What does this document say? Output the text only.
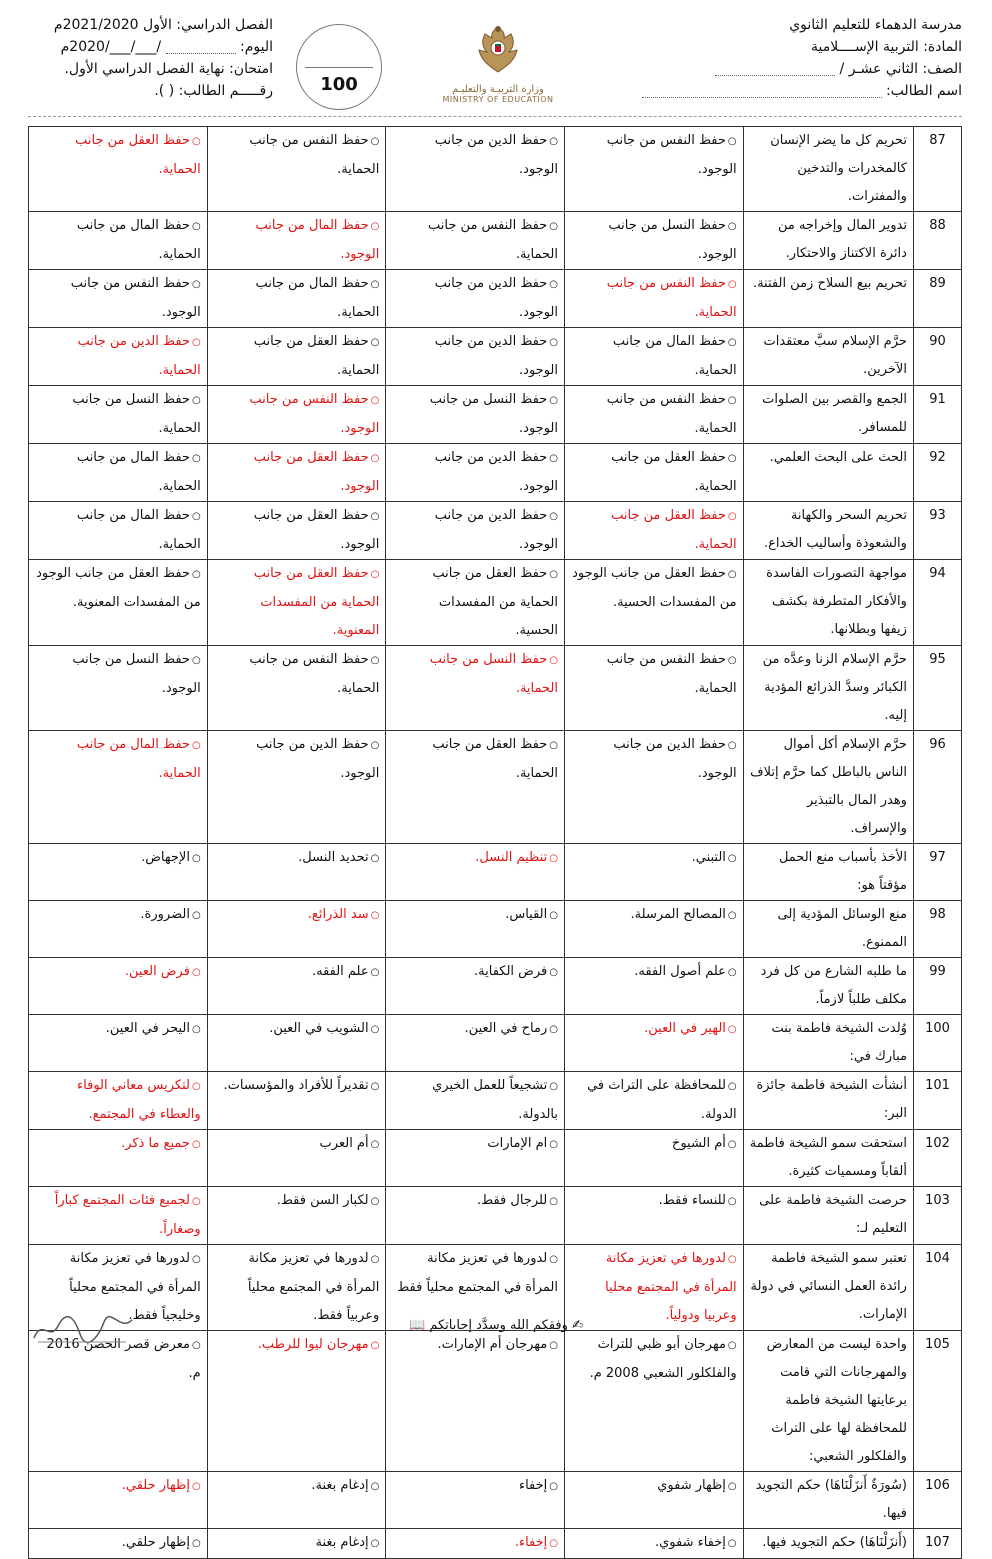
مدرسة الدهماء للتعليم الثانوي
المادة: التربية الإســــلامية
الصف: الثاني عشـر /
اسم الطالب:
وزارة التربيـة والتعليـم
MINISTRY OF EDUCATION
100
الفصل الدراسي: الأول 2021/2020م
اليوم:  /___/___/2020م
امتحان: نهاية الفصل الدراسي الأول.
رقـــــم الطالب: ( ).
87	تحريم كل ما يضر الإنسان كالمخدرات والتدخين والمفترات.	○حفظ النفس من جانب الوجود.	○حفظ الدين من جانب الوجود.	○حفظ النفس من جانب الحماية.	○حفظ العقل من جانب الحماية.
88	تدوير المال وإخراجه من دائرة الاكتناز والاحتكار.	○حفظ النسل من جانب الوجود.	○حفظ النفس من جانب الحماية.	○حفظ المال من جانب الوجود.	○حفظ المال من جانب الحماية.
89	تحريم بيع السلاح زمن الفتنة.	○حفظ النفس من جانب الحماية.	○حفظ الدين من جانب الوجود.	○حفظ المال من جانب الحماية.	○حفظ النفس من جانب الوجود.
90	حرَّم الإسلام سبَّ معتقدات الآخرين.	○حفظ المال من جانب الحماية.	○حفظ الدين من جانب الوجود.	○حفظ العقل من جانب الحماية.	○حفظ الدين من جانب الحماية.
91	الجمع والقصر بين الصلوات للمسافر.	○حفظ النفس من جانب الحماية.	○حفظ النسل من جانب الوجود.	○حفظ النفس من جانب الوجود.	○حفظ النسل من جانب الحماية.
92	الحث على البحث العلمي.	○حفظ العقل من جانب الحماية.	○حفظ الدين من جانب الوجود.	○حفظ العقل من جانب الوجود.	○حفظ المال من جانب الحماية.
93	تحريم السحر والكهانة والشعوذة وأساليب الخداع.	○حفظ العقل من جانب الحماية.	○حفظ الدين من جانب الوجود.	○حفظ العقل من جانب الوجود.	○حفظ المال من جانب الحماية.
94	مواجهة التصورات الفاسدة والأفكار المتطرفة بكشف زيفها وبطلانها.	○حفظ العقل من جانب الوجود من المفسدات الحسية.	○حفظ العقل من جانب الحماية من المفسدات الحسية.	○حفظ العقل من جانب الحماية من المفسدات المعنوية.	○حفظ العقل من جانب الوجود من المفسدات المعنوية.
95	حرَّم الإسلام الزنا وعدَّه من الكبائر وسدَّ الذرائع المؤدية إليه.	○حفظ النفس من جانب الحماية.	○حفظ النسل من جانب الحماية.	○حفظ النفس من جانب الحماية.	○حفظ النسل من جانب الوجود.
96	حرَّم الإسلام أكل أموال الناس بالباطل كما حرَّم إتلاف وهدر المال بالتبذير والإسراف.	○حفظ الدين من جانب الوجود.	○حفظ العقل من جانب الحماية.	○حفظ الدين من جانب الوجود.	○حفظ المال من جانب الحماية.
97	الأخذ بأسباب منع الحمل مؤقتاً هو:	○التبني.	○تنظيم النسل.	○تحديد النسل.	○الإجهاض.
98	منع الوسائل المؤدية إلى الممنوع.	○المصالح المرسلة.	○القياس.	○سد الذرائع.	○الضرورة.
99	ما طلبه الشارع من كل فرد مكلف طلباً لازماً.	○علم أصول الفقه.	○فرض الكفاية.	○علم الفقه.	○فرض العين.
100	وُلدت الشيخة فاطمة بنت مبارك في:	○الهير في العين.	○رماح في العين.	○الشويب في العين.	○اليحر في العين.
101	أنشأت الشيخة فاطمة جائزة البر:	○للمحافظة على التراث في الدولة.	○تشجيعاً للعمل الخيري بالدولة.	○تقديراً للأفراد والمؤسسات.	○لتكريس معاني الوفاء والعطاء في المجتمع.
102	استحقت سمو الشيخة فاطمة ألقاباً ومسميات كثيرة.	○أم الشيوخ	○ام الإمارات	○أم العرب	○جميع ما ذكر.
103	حرصت الشيخة فاطمة على التعليم لـ:	○للنساء فقط.	○للرجال فقط.	○لكبار السن فقط.	○لجميع فئات المجتمع كباراً وصغاراً.
104	تعتبر سمو الشيخة فاطمة رائدة العمل النسائي في دولة الإمارات.	○لدورها في تعزيز مكانة المرأة في المجتمع محليا وعربيا ودولياً.	○لدورها في تعزيز مكانة المرأة في المجتمع محلياً فقط	○لدورها في تعزيز مكانة المرأة في المجتمع محلياً وعربياً فقط.	○لدورها في تعزيز مكانة المرأة في المجتمع محلياً وخليجياً فقط.
105	واحدة ليست من المعارض والمهرجانات التي قامت برعايتها الشيخة فاطمة للمحافظة لها على التراث والفلكلور الشعبي:	○مهرجان أبو ظبي للتراث والفلكلور الشعبي 2008 م.	○مهرجان أم الإمارات.	○مهرجان ليوا للرطب.	○معرض قصر الحصن 2016 م.
106	(سُورَةٌ أَنزَلْنَاهَا) حكم التجويد فيها.	○إظهار شفوي	○إخفاء	○إدغام بغنة.	○إظهار حلقي.
107	(أَنزَلْنَاهَا) حكم التجويد فيها.	○إخفاء شفوي.	○إخفاء.	○إدغام بغنة	○إظهار حلقي.
✍ وفقكم الله وسدَّد إجاباتكم 📖
